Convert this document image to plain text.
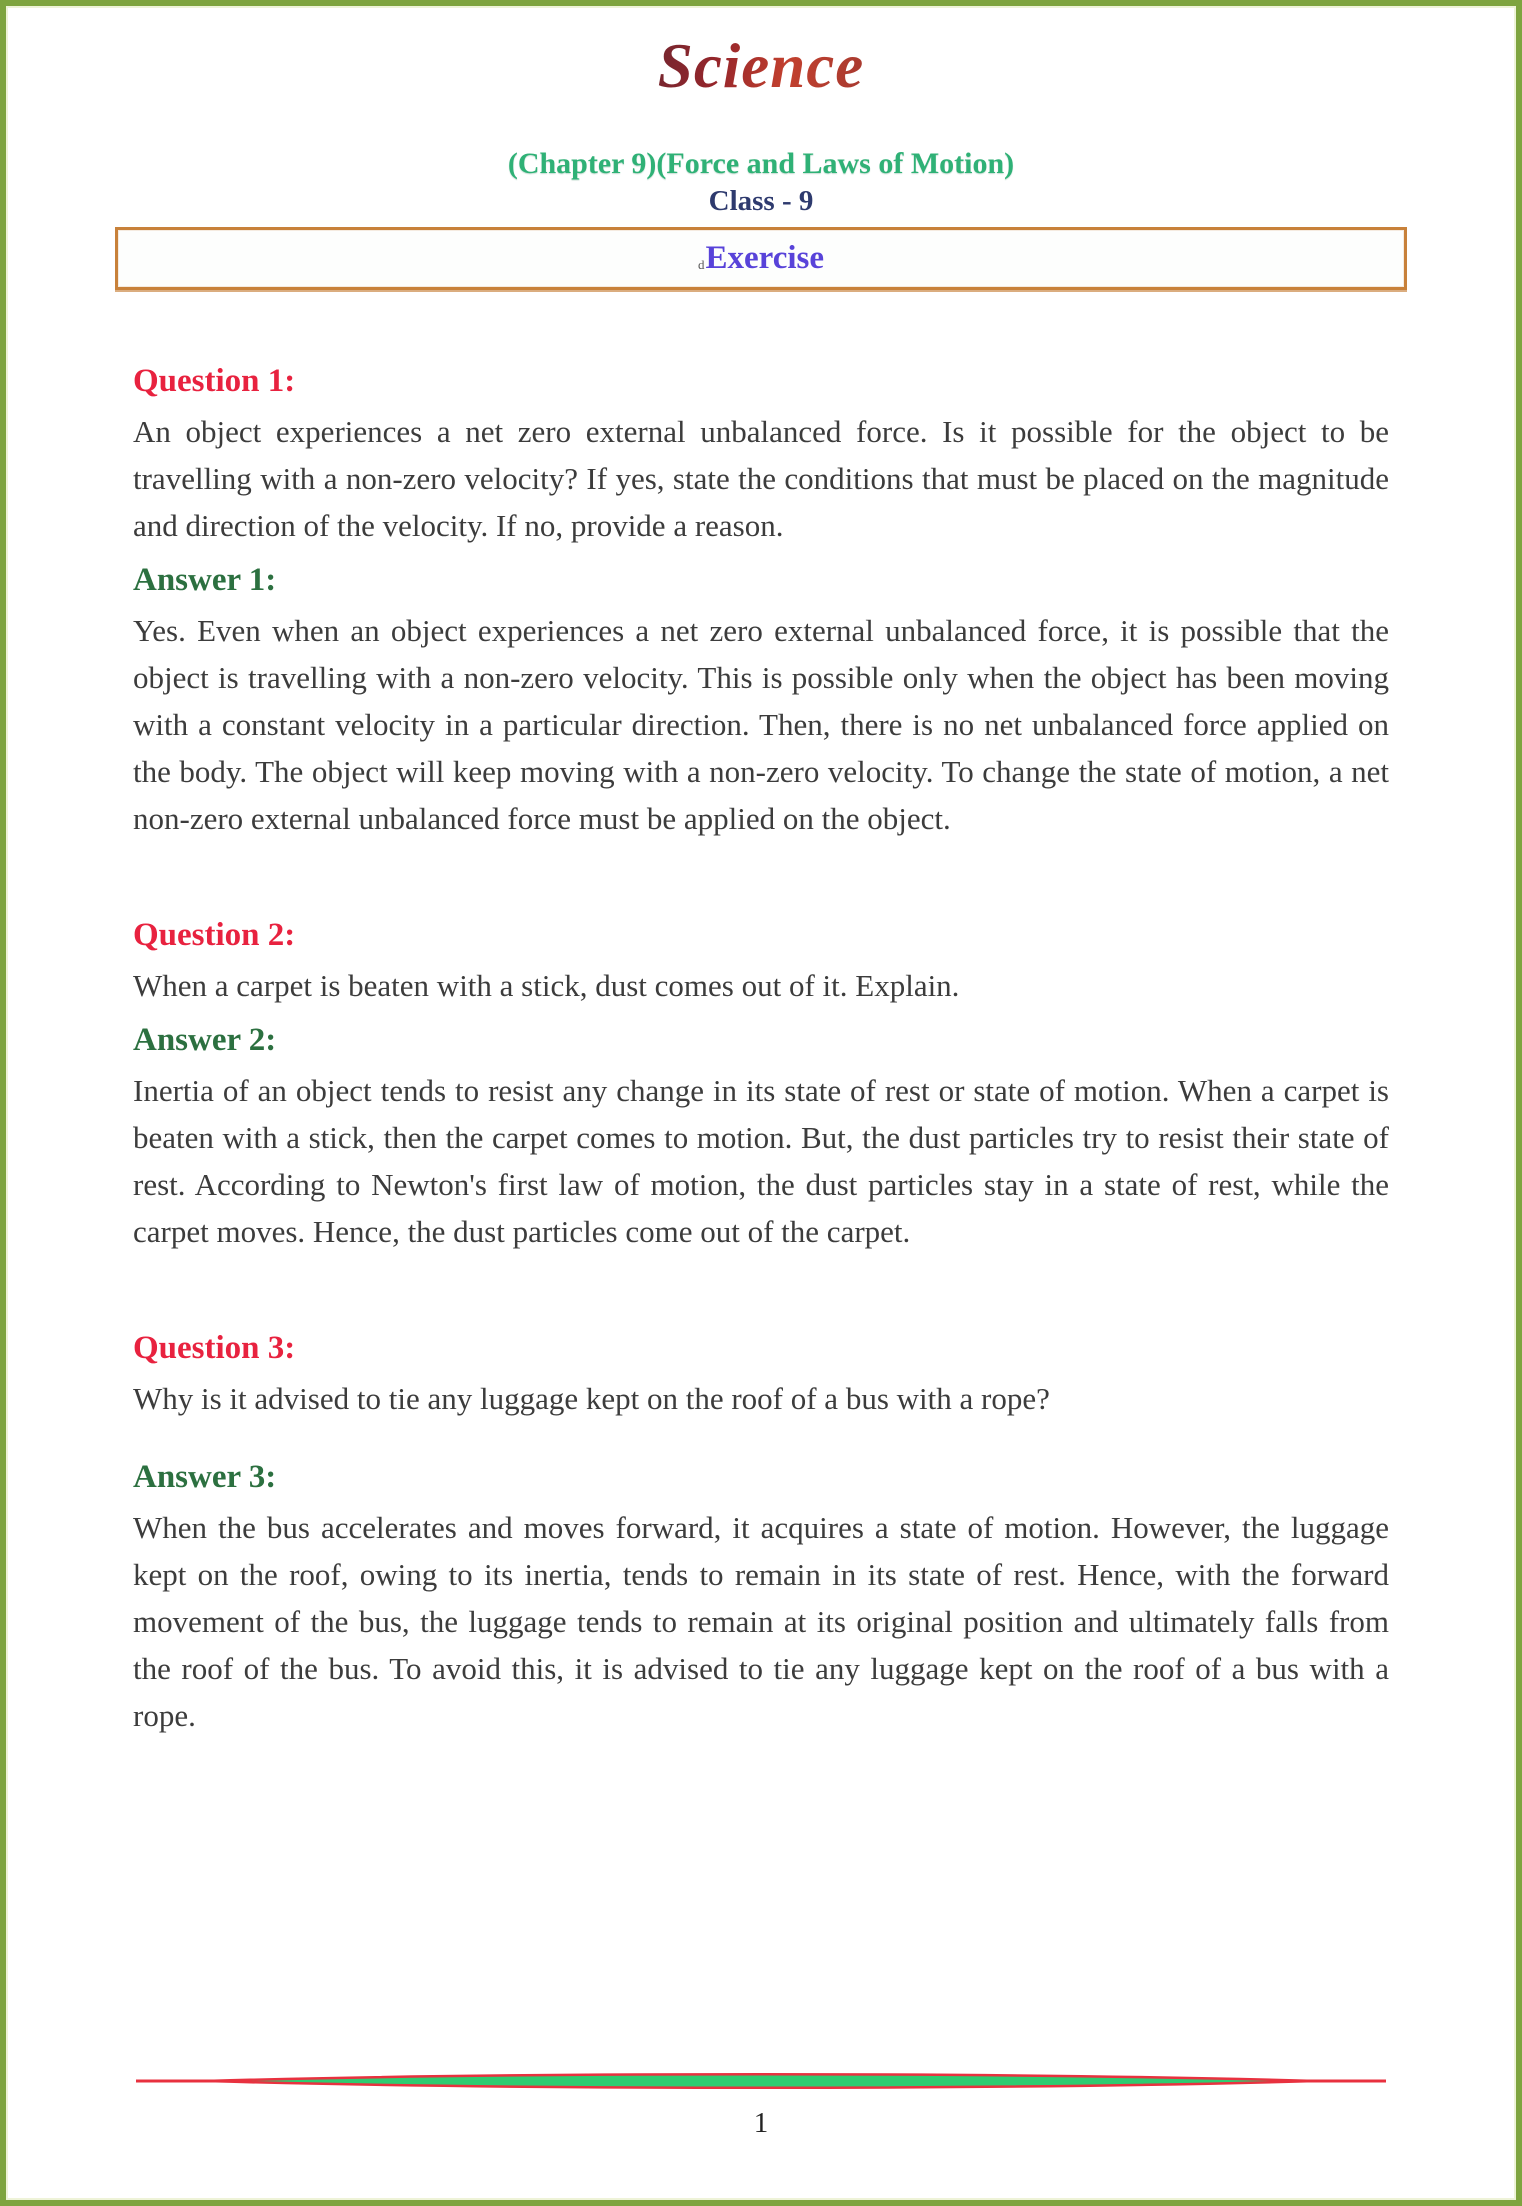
Science
(Chapter 9)(Force and Laws of Motion)
Class - 9
d Exercise
Question 1:
An object experiences a net zero external unbalanced force. Is it possible for the object to be travelling with a non-zero velocity? If yes, state the conditions that must be placed on the magnitude and direction of the velocity. If no, provide a reason.
Answer 1:
Yes. Even when an object experiences a net zero external unbalanced force, it is possible that the object is travelling with a non-zero velocity. This is possible only when the object has been moving with a constant velocity in a particular direction. Then, there is no net unbalanced force applied on the body. The object will keep moving with a non-zero velocity. To change the state of motion, a net non-zero external unbalanced force must be applied on the object.
Question 2:
When a carpet is beaten with a stick, dust comes out of it. Explain.
Answer 2:
Inertia of an object tends to resist any change in its state of rest or state of motion. When a carpet is beaten with a stick, then the carpet comes to motion. But, the dust particles try to resist their state of rest. According to Newton's first law of motion, the dust particles stay in a state of rest, while the carpet moves. Hence, the dust particles come out of the carpet.
Question 3:
Why is it advised to tie any luggage kept on the roof of a bus with a rope?
Answer 3:
When the bus accelerates and moves forward, it acquires a state of motion. However, the luggage kept on the roof, owing to its inertia, tends to remain in its state of rest. Hence, with the forward movement of the bus, the luggage tends to remain at its original position and ultimately falls from the roof of the bus. To avoid this, it is advised to tie any luggage kept on the roof of a bus with a rope.
1
